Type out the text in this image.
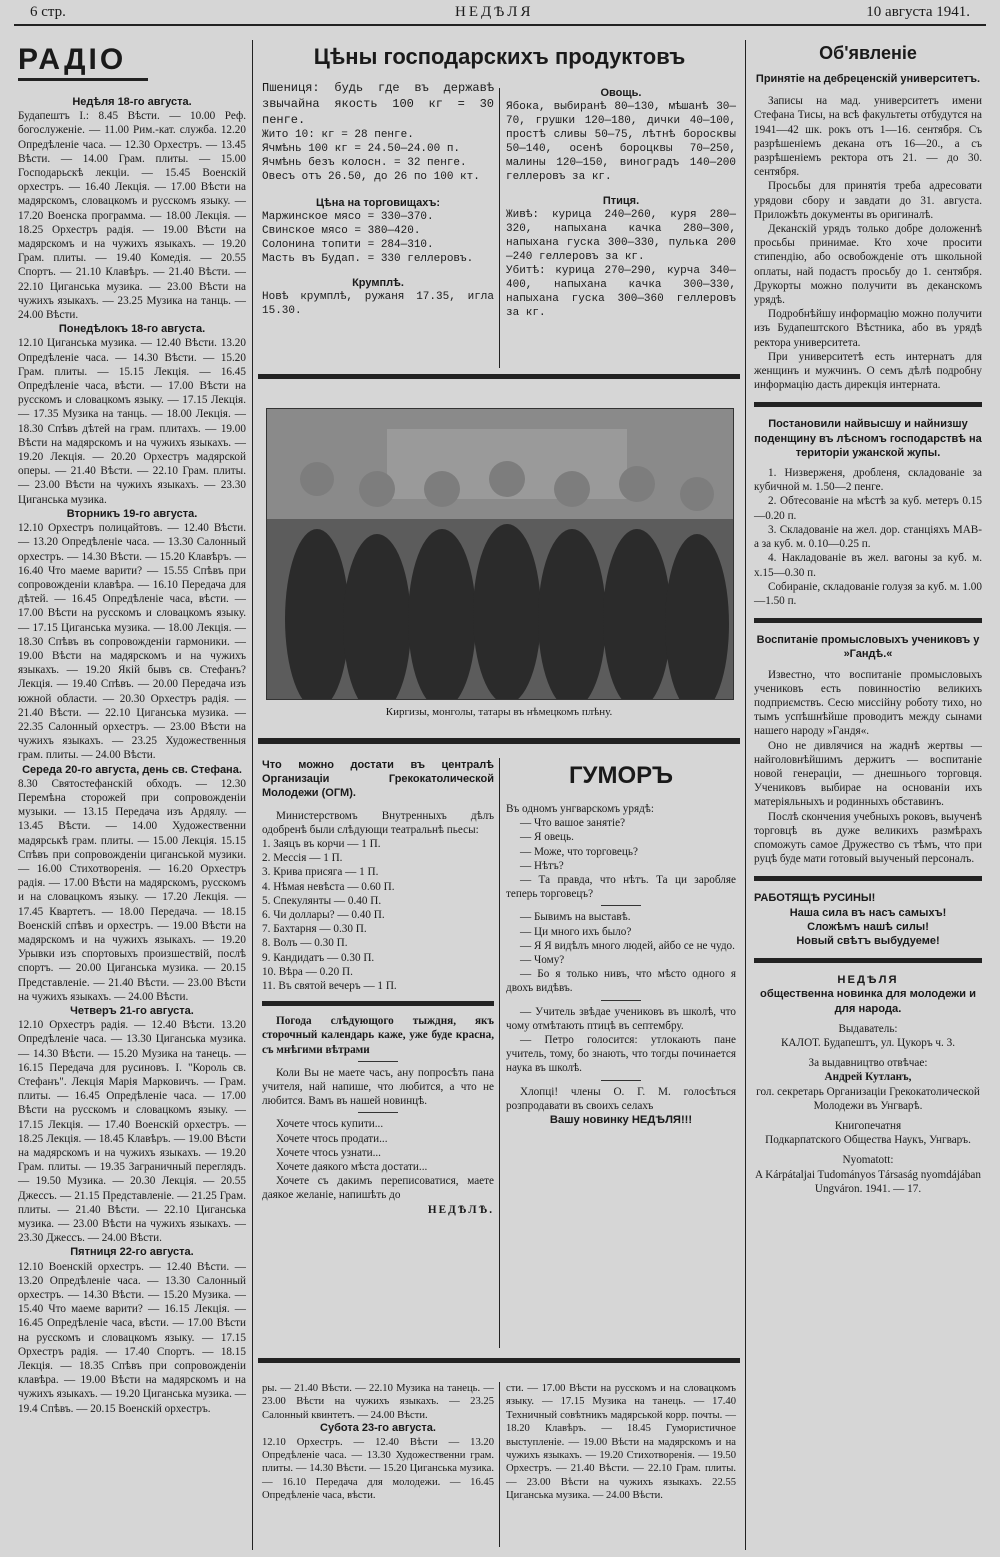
6 стр.	НЕДѢЛЯ	10 августа 1941.
РАДІО

Недѣля 18-го августа.

Будапештъ І.: 8.45 Вѣсти. — 10.00 Реф. богослуженіе. — 11.00 Рим.-кат. служба. 12.20 Опредѣленіе часа. — 12.30 Орхестръ. — 13.45 Вѣсти. — 14.00 Грам. плиты. — 15.00 Господарьскѣ лекціи. — 15.45 Военскій орхестръ. — 16.40 Лекція. — 17.00 Вѣсти на мадярскомъ, словацкомъ и русскомъ языку. — 17.20 Военска программа. — 18.00 Лекція. — 18.25 Орхестръ радія. — 19.00 Вѣсти на мадярскомъ и на чужихъ языкахъ. — 19.20 Грам. плиты. — 19.40 Комедія. — 20.55 Спортъ. — 21.10 Клавѣръ. — 21.40 Вѣсти. — 22.10 Циганська музика. — 23.00 Вѣсти на чужихъ языкахъ. — 23.25 Музика на танць. — 24.00 Вѣсти.

Понедѣлокъ 18-го августа.

12.10 Циганська музика. — 12.40 Вѣсти. 13.20 Опредѣленіе часа. — 14.30 Вѣсти. — 15.20 Грам. плиты. — 15.15 Лекція. — 16.45 Опредѣленіе часа, вѣсти. — 17.00 Вѣсти на русскомъ и словацкомъ языку. — 17.15 Лекція. — 17.35 Музика на танць. — 18.00 Лекція. — 18.30 Спѣвъ дѣтей на грам. плитахъ. — 19.00 Вѣсти на мадярскомъ и на чужихъ языкахъ. — 19.20 Лекція. — 20.20 Орхестръ мадярской оперы. — 21.40 Вѣсти. — 22.10 Грам. плиты. — 23.00 Вѣсти на чужихъ языкахъ. — 23.30 Циганська музика.

Вторникъ 19-го августа.

12.10 Орхестръ полицайтовъ. — 12.40 Вѣсти. — 13.20 Опредѣленіе часа. — 13.30 Салонный орхестръ. — 14.30 Вѣсти. — 15.20 Клавѣръ. — 16.40 Что маеме варити? — 15.55 Спѣвъ при сопровожденіи клавѣра. — 16.10 Передача для дѣтей. — 16.45 Опредѣленіе часа, вѣсти. — 17.00 Вѣсти на русскомъ и словацкомъ языку. — 17.15 Циганська музика. — 18.00 Лекція. — 18.30 Спѣвъ въ сопровожденіи гармоники. — 19.00 Вѣсти на мадярскомъ и на чужихъ языкахъ. — 19.20 Якій бывъ св. Стефанъ? Лекція. — 19.40 Спѣвъ. — 20.00 Передача изъ южной области. — 20.30 Орхестръ радія. — 21.40 Вѣсти. — 22.10 Циганська музика. — 22.35 Салонный орхестръ. — 23.00 Вѣсти на чужихъ языкахъ. — 23.25 Художественныя грам. плиты. — 24.00 Вѣсти.

Середа 20-го августа, день св. Стефана.

8.30 Святостефанскій обходъ. — 12.30 Перемѣна сторожей при сопровожденіи музыки. — 13.15 Передача изъ Ардялу. — 13.45 Вѣсти. — 14.00 Художественни мадярськѣ грам. плиты. — 15.00 Лекція. 15.15 Спѣвъ при сопровожденіи циганськой музики. — 16.00 Стихотворенія. — 16.20 Орхестръ радія. — 17.00 Вѣсти на мадярскомъ, русскомъ и на словацкомъ языку. — 17.20 Лекція. — 17.45 Квартетъ. — 18.00 Передача. — 18.15 Военскій спѣвъ и орхестръ. — 19.00 Вѣсти на мадярскомъ и на чужихъ языкахъ. — 19.20 Урывки изъ спортовыхъ произшествій, послѣ спортъ. — 20.00 Циганська музика. — 20.15 Представленіе. — 21.40 Вѣсти. — 23.00 Вѣсти на чужихъ языкахъ. — 24.00 Вѣсти.

Четверъ 21-го августа.

12.10 Орхестръ радія. — 12.40 Вѣсти. 13.20 Опредѣленіе часа. — 13.30 Циганська музика. — 14.30 Вѣсти. — 15.20 Музика на танець. — 16.15 Передача для русиновъ. І. "Король св. Стефанъ". Лекція Марія Марковичъ. — Грам. плиты. — 16.45 Опредѣленіе часа. — 17.00 Вѣсти на русскомъ и словацкомъ языку. — 17.15 Лекція. — 17.40 Военскій орхестръ. — 18.25 Лекція. — 18.45 Клавѣръ. — 19.00 Вѣсти на мадярскомъ и на чужихъ языкахъ. — 19.20 Грам. плиты. — 19.35 Заграничный переглядъ. — 19.50 Музика. — 20.30 Лекція. — 20.55 Джессъ. — 21.15 Представленіе. — 21.25 Грам. плиты. — 21.40 Вѣсти. — 22.10 Циганська музика. — 23.00 Вѣсти на чужихъ языкахъ. — 23.30 Джессъ. — 24.00 Вѣсти.

Пятниця 22-го августа.

12.10 Военскій орхестръ. — 12.40 Вѣсти. — 13.20 Опредѣленіе часа. — 13.30 Салонный орхестръ. — 14.30 Вѣсти. — 15.20 Музика. — 15.40 Что маеме варити? — 16.15 Лекція. — 16.45 Опредѣленіе часа, вѣсти. — 17.00 Вѣсти на русскомъ и словацкомъ языку. — 17.15 Орхестръ радія. — 17.40 Спортъ. — 18.15 Лекція. — 18.35 Спѣвъ при сопровожденіи клавѣра. — 19.00 Вѣсти на мадярскомъ и на чужихъ языкахъ. — 19.20 Циганська музика. — 19.4 Спѣвъ. — 20.15 Военскій орхестръ.

Цѣны господарскихъ продуктовъ

Пшениця: будь где въ державѣ звычайна якость 100 кг = 30 пенге.

Жито 10: кг = 28 пенге.

Ячмѣнь 100 кг = 24.50—24.00 п.

Ячмѣнь безъ колосн. = 32 пенге.

Овесъ отъ 26.50, до 26 по 100 кт.

Цѣна на торговищахъ:

Маржинское мясо = 330—370.

Свинское мясо = 380—420.

Солонина топити = 284—310.

Масть въ Будап. = 330 геллеровъ.

Крумплѣ.

Новѣ крумплѣ, ружаня 17.35, игла 15.30.

Овощь.

Ябока, выбиранѣ 80—130, мѣшанѣ 30—70, грушки 120—180, дички 40—100, простѣ сливы 50—75, лѣтнѣ боросквы 50—140, осенѣ бороцквы 70—250, малины 120—150, виноградъ 140—200 геллеровъ за кг.

Птиця.

Живѣ: курица 240—260, куря 280—320, напыхана качка 280—300, напыхана гуска 300—330, пулька 200—240 геллеровъ за кг.

Убитѣ: курица 270—290, курча 340—400, напыхана качка 300—330, напыхана гуска 300—360 геллеровъ за кг.

Киргизы, монголы, татары въ нѣмецкомъ плѣну.

Что можно достати въ централѣ Организаціи Грекокатолической Молодежи (ОГМ).

Министерствомъ Внутренныхъ дѣлъ одобренѣ были слѣдующи театральнѣ пьесы:

1. Заяцъ въ корчи — 1 П.

2. Мессія — 1 П.

3. Крива присяга — 1 П.

4. Нѣмая невѣста — 0.60 П.

5. Спекулянты — 0.40 П.

6. Чи доллары? — 0.40 П.

7. Бахтарня — 0.30 П.

8. Волъ — 0.30 П.

9. Кандидатъ — 0.30 П.

10. Вѣра — 0.20 П.

11. Въ святой вечеръ — 1 П.

Погода слѣдующого тыждня, якъ сторочный календарь каже, уже буде красна, съ мнѣгими вѣтрами

Коли Вы не маете часъ, ану попросѣть пана учителя, най напише, что любится, а что не любится. Вамъ въ нашей новинцѣ.

Хочете чтось купити...

Хочете чтось продати...

Хочете чтось узнати...

Хочете даякого мѣста достати...

Хочете съ дакимъ переписоватися, маете даякое желаніе, напишѣть до

НЕДѢЛѢ.

ГУМОРЪ

Въ одномъ унгварскомъ урядѣ:

— Что вашое занятіе?

— Я овець.

— Може, что торговець?

— Нѣтъ?

— Та правда, что нѣтъ. Та ци заробляе теперь торговецъ?

— Бывимъ на выставѣ.

— Ци много ихъ было?

— Я Я видѣлъ много людей, айбо се не чудо.

— Чому?

— Бо я только нивъ, что мѣсто одного я двохъ видѣвъ.

— Учитель звѣдае учениковъ въ школѣ, что чому отмѣтають птицѣ въ септембру.

— Петро голосится: утлокають пане учитель, тому, бо знають, что тогды починается наука въ школѣ.

Хлопці! члены О. Г. М. голосѣться розпродавати въ своихъ селахъ

Вашу новинку НЕДѢЛЯ!!!

ры. — 21.40 Вѣсти. — 22.10 Музика на танець. — 23.00 Вѣсти на чужихъ языкахъ. — 23.25 Салонный квинтетъ. — 24.00 Вѣсти.

Субота 23-го августа.

12.10 Орхестръ. — 12.40 Вѣсти — 13.20 Опредѣленіе часа. — 13.30 Художественни грам. плиты. — 14.30 Вѣсти. — 15.20 Циганська музика. — 16.10 Передача для молодежи. — 16.45 Опредѣленіе часа, вѣсти.

сти. — 17.00 Вѣсти на русскомъ и на словацкомъ языку. — 17.15 Музика на танець. — 17.40 Техничный совѣтникъ мадярськой корр. почты. — 18.20 Клавѣръ. — 18.45 Гумористичное выступленіе. — 19.00 Вѣсти на мадярскомъ и на чужихъ языкахъ. — 19.20 Стихотворенія. — 19.50 Орхестръ. — 21.40 Вѣсти. — 22.10 Грам. плиты. — 23.00 Вѣсти на чужихъ языкахъ. 22.55 Циганська музика. — 24.00 Вѣсти.

Об'явленіе

Принятіе на дебреценскій университетъ.

Записы на мад. университетъ имени Стефана Тисы, на всѣ факультеты отбудутся на 1941—42 шк. рокъ отъ 1—16. сентября. Съ разрѣшеніемъ декана отъ 16—20., а съ разрѣшеніемъ ректора отъ 21. — до 30. сентября.

Просьбы для принятія треба адресовати урядови сбору и завдати до 31. августа. Приложѣть документы въ оригиналѣ.

Деканскій урядъ только добре доложеннѣ просьбы принимае. Кто хоче просити стипендію, або освобожденіе отъ школьной оплаты, най подастъ просьбу до 1. сентября. Друкорты можно получити въ деканскомъ урядѣ.

Подробнѣйшу информацію можно получити изъ Будапештского Вѣстника, або въ урядѣ ректора университета.

При университетѣ есть интернатъ для женщинъ и мужчинъ. О семъ дѣлѣ подробну информацію дасть дирекція интерната.

Постановили найвысшу и найнизшу поденщину въ лѣсномъ господарствѣ на територіи ужанской жупы.

1. Низверженя, дробленя, складованіе за кубичной м. 1.50—2 пенге.

2. Обтесованіе на мѣстѣ за куб. метеръ 0.15—0.20 п.

3. Складованіе на жел. дор. станціяхъ МАВ-а за куб. м. 0.10—0.25 п.

4. Накладованіе въ жел. вагоны за куб. м. х.15—0.30 п.

Собираніе, складованіе голузя за куб. м. 1.00—1.50 п.

Воспитаніе промысловыхъ учениковъ у »Гандѣ.«

Известно, что воспитаніе промысловыхъ учениковъ есть повинностію великихъ подприємствъ. Сесю миссійну роботу тихо, но тымъ успѣшнѣйше проводитъ между сынами нашего народу »Гандя«.

Оно не дивлячися на жаднѣ жертвы — найголовнѣйшимъ держитъ — воспитаніе новой генераціи, — днешнього торговця. Учениковъ выбирае на основаніи ихъ матеріяльныхъ и родинныхъ обставинъ.

Послѣ скончения учебныхъ роковъ, выученѣ торговцѣ въ дуже великихъ размѣрахъ споможуть самое Дружество съ тѣмъ, что при руцѣ буде мати готовый выученый персоналъ.

РАБОТЯЩѢ РУСИНЫ!

Наша сила въ насъ самыхъ!

Сложѣмъ нашѣ силы!

Новый свѣтъ выбудуеме!

НЕДѢЛЯ

общественна новинка для молодежи и для народа.

Выдаватель:

КАЛОТ. Будапештъ, ул. Цукоръ ч. 3.

За выдавництво отвѣчае:

Андрей Кутланъ,

гол. секретарь Организаціи Грекокатолической Молодежи въ Унгварѣ.

Книгопечатня

Подкарпатского Общества Наукъ, Унгваръ.

Nyomatott:

A Kárpátaljai Tudományos Társaság nyomdájában Ungváron. 1941. — 17.
